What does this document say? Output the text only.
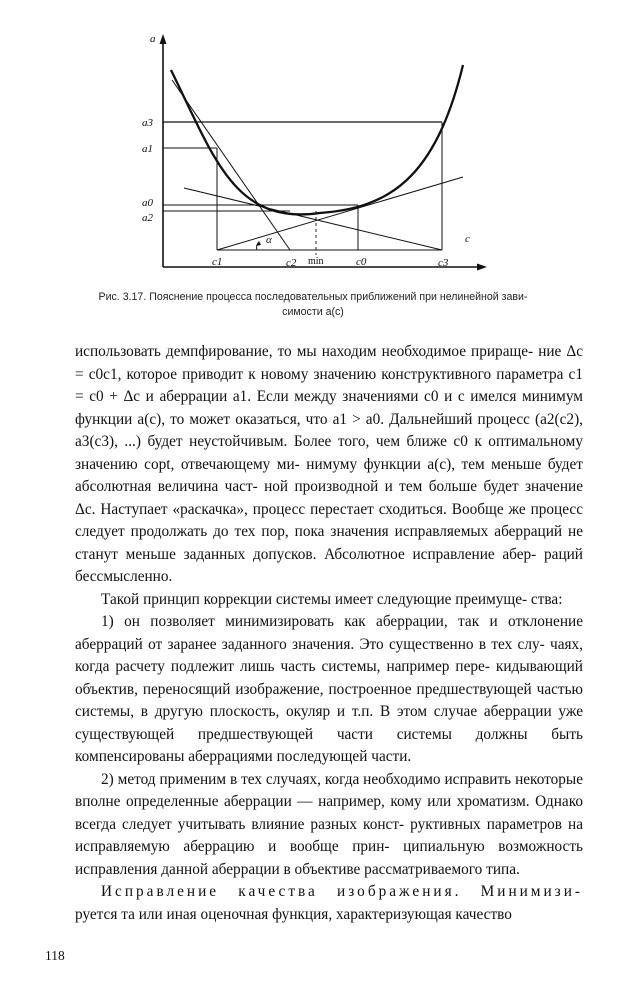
a
c
α
a3
a1
a0
a2
c1	c2 min	c0	c3
Рис. 3.17. Пояснение процесса последовательных приближений при нелинейной зави-
симости a(c)

использовать демпфирование, то мы находим необходимое прираще- ние Δc = c0c1, которое приводит к новому значению конструктивного параметра c1 = c0 + Δc и аберрации a1. Если между значениями c0 и c имелся минимум функции a(c), то может оказаться, что a1 > a0. Дальнейший процесс (a2(c2), a3(c3), ...) будет неустойчивым. Более того, чем ближе c0 к оптимальному значению copt, отвечающему ми- нимуму функции a(c), тем меньше будет абсолютная величина част- ной производной и тем больше будет значение Δc. Наступает «раскачка», процесс перестает сходиться. Вообще же процесс следует продолжать до тех пор, пока значения исправляемых аберраций не станут меньше заданных допусков. Абсолютное исправление абер- раций бессмысленно.

Такой принцип коррекции системы имеет следующие преимуще- ства:

1) он позволяет минимизировать как аберрации, так и отклонение аберраций от заранее заданного значения. Это существенно в тех слу- чаях, когда расчету подлежит лишь часть системы, например пере- кидывающий объектив, переносящий изображение, построенное предшествующей частью системы, в другую плоскость, окуляр и т.п. В этом случае аберрации уже существующей предшествующей части системы должны быть компенсированы аберрациями последующей части.

2) метод применим в тех случаях, когда необходимо исправить некоторые вполне определенные аберрации — например, кому или хроматизм. Однако всегда следует учитывать влияние разных конст- руктивных параметров на исправляемую аберрацию и вообще прин- ципиальную возможность исправления данной аберрации в объективе рассматриваемого типа.

Исправление качества изображения. Минимизи- руется та или иная оценочная функция, характеризующая качество

118
